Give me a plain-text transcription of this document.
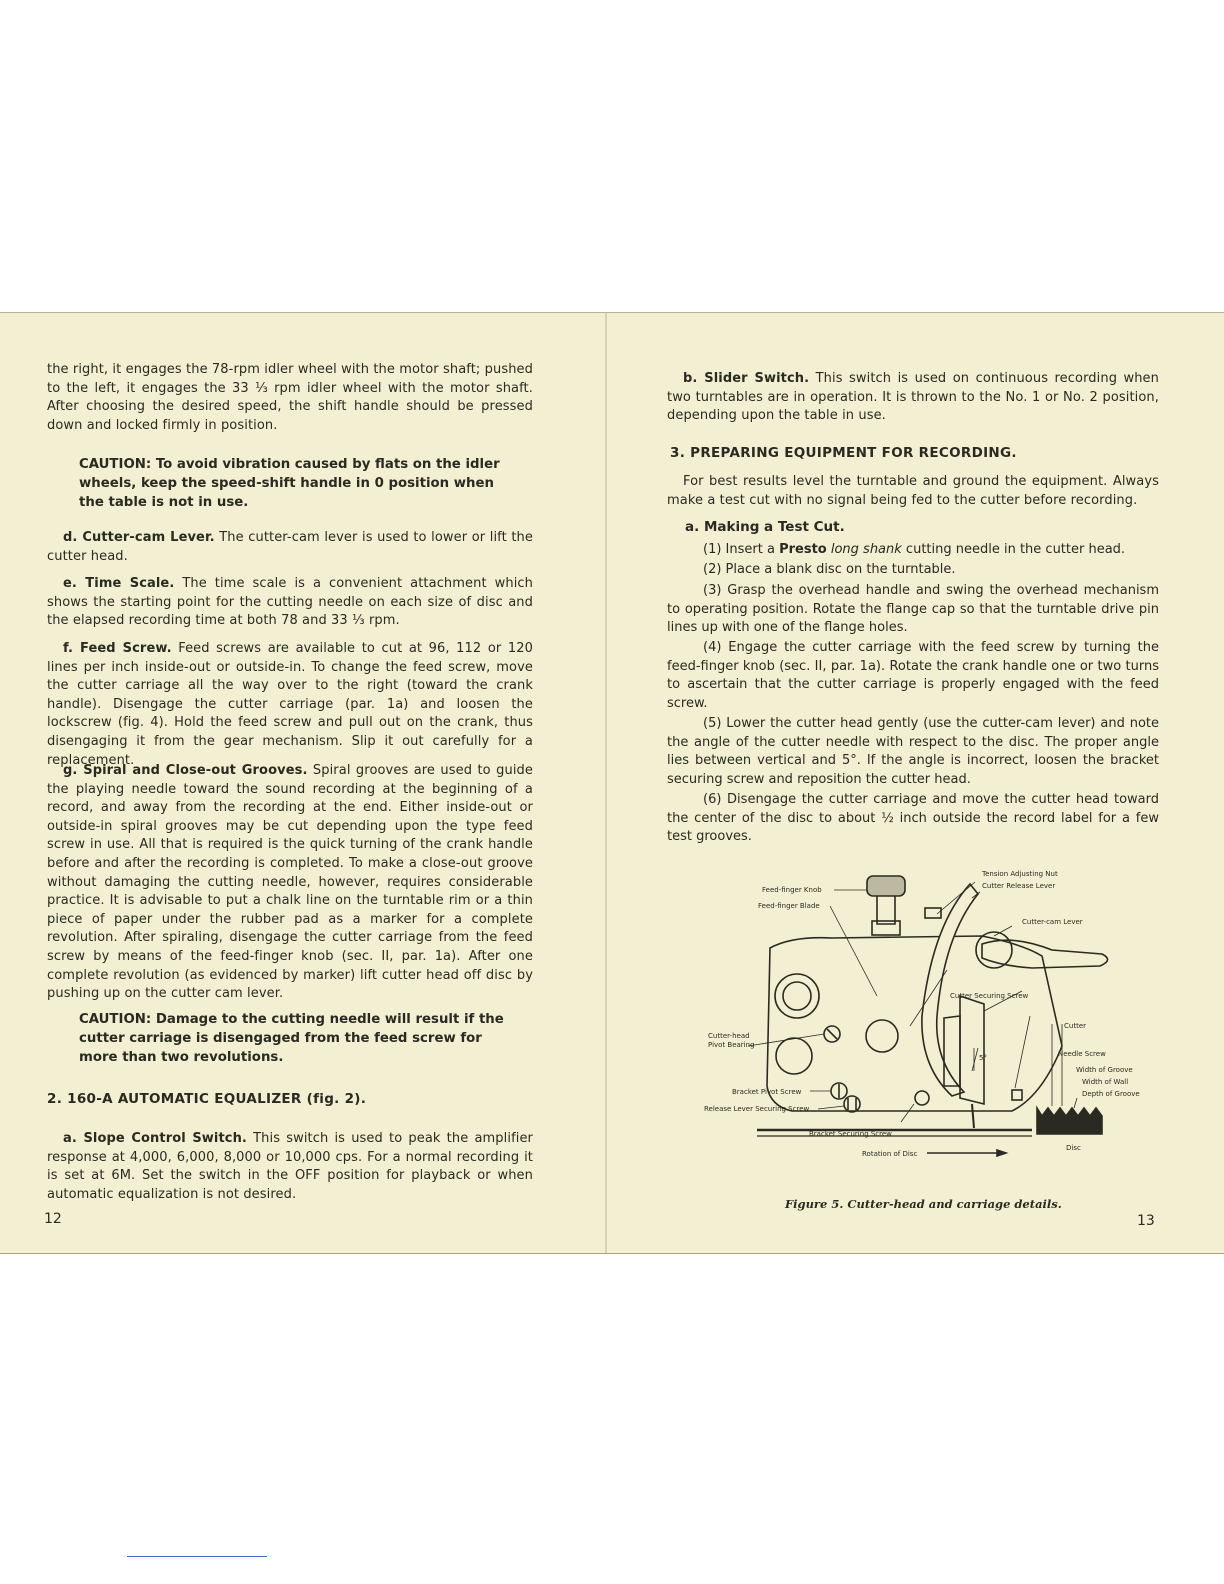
the right, it engages the 78-rpm idler wheel with the motor shaft; pushed to the left, it engages the 33 ⅓ rpm idler wheel with the motor shaft. After choosing the desired speed, the shift handle should be pressed down and locked firmly in position.

CAUTION: To avoid vibration caused by flats on the idler wheels, keep the speed-shift handle in 0 position when the table is not in use.

d. Cutter-cam Lever. The cutter-cam lever is used to lower or lift the cutter head.

e. Time Scale. The time scale is a convenient attachment which shows the starting point for the cutting needle on each size of disc and the elapsed recording time at both 78 and 33 ⅓ rpm.

f. Feed Screw. Feed screws are available to cut at 96, 112 or 120 lines per inch inside-out or outside-in. To change the feed screw, move the cutter carriage all the way over to the right (toward the crank handle). Disengage the cutter carriage (par. 1a) and loosen the lockscrew (fig. 4). Hold the feed screw and pull out on the crank, thus disengaging it from the gear mechanism. Slip it out carefully for a replacement.

g. Spiral and Close-out Grooves. Spiral grooves are used to guide the playing needle toward the sound recording at the beginning of a record, and away from the recording at the end. Either inside-out or outside-in spiral grooves may be cut depending upon the type feed screw in use. All that is required is the quick turning of the crank handle before and after the recording is completed. To make a close-out groove without damaging the cutting needle, however, requires considerable practice. It is advisable to put a chalk line on the turntable rim or a thin piece of paper under the rubber pad as a marker for a complete revolution. After spiraling, disengage the cutter carriage from the feed screw by means of the feed-finger knob (sec. II, par. 1a). After one complete revolution (as evidenced by marker) lift cutter head off disc by pushing up on the cutter cam lever.

CAUTION: Damage to the cutting needle will result if the cutter carriage is disengaged from the feed screw for more than two revolutions.

2. 160-A AUTOMATIC EQUALIZER (fig. 2).

a. Slope Control Switch. This switch is used to peak the amplifier response at 4,000, 6,000, 8,000 or 10,000 cps. For a normal recording it is set at 6M. Set the switch in the OFF position for playback or when automatic equalization is not desired.

12

b. Slider Switch. This switch is used on continuous recording when two turntables are in operation. It is thrown to the No. 1 or No. 2 position, depending upon the table in use.

3. PREPARING EQUIPMENT FOR RECORDING.

For best results level the turntable and ground the equipment. Always make a test cut with no signal being fed to the cutter before recording.

a. Making a Test Cut.

(1) Insert a Presto long shank cutting needle in the cutter head.

(2) Place a blank disc on the turntable.

(3) Grasp the overhead handle and swing the overhead mechanism to operating position. Rotate the flange cap so that the turntable drive pin lines up with one of the flange holes.

(4) Engage the cutter carriage with the feed screw by turning the feed-finger knob (sec. II, par. 1a). Rotate the crank handle one or two turns to ascertain that the cutter carriage is properly engaged with the feed screw.

(5) Lower the cutter head gently (use the cutter-cam lever) and note the angle of the cutter needle with respect to the disc. The proper angle lies between vertical and 5°. If the angle is incorrect, loosen the bracket securing screw and reposition the cutter head.

(6) Disengage the cutter carriage and move the cutter head toward the center of the disc to about ½ inch outside the record label for a few test grooves.

Tension Adjusting Nut
Cutter Release Lever
Feed-finger Knob
Feed-finger Blade
Cutter-cam Lever
Cutter Securing Screw
Cutter
Cutter-head
Pivot Bearing
Needle Screw
Width of Groove
Width of Wall
Depth of Groove
Bracket Pivot Screw
Release Lever Securing Screw
Bracket Securing Screw
Disc
Rotation of Disc
5°

Figure 5. Cutter-head and carriage details.

13
